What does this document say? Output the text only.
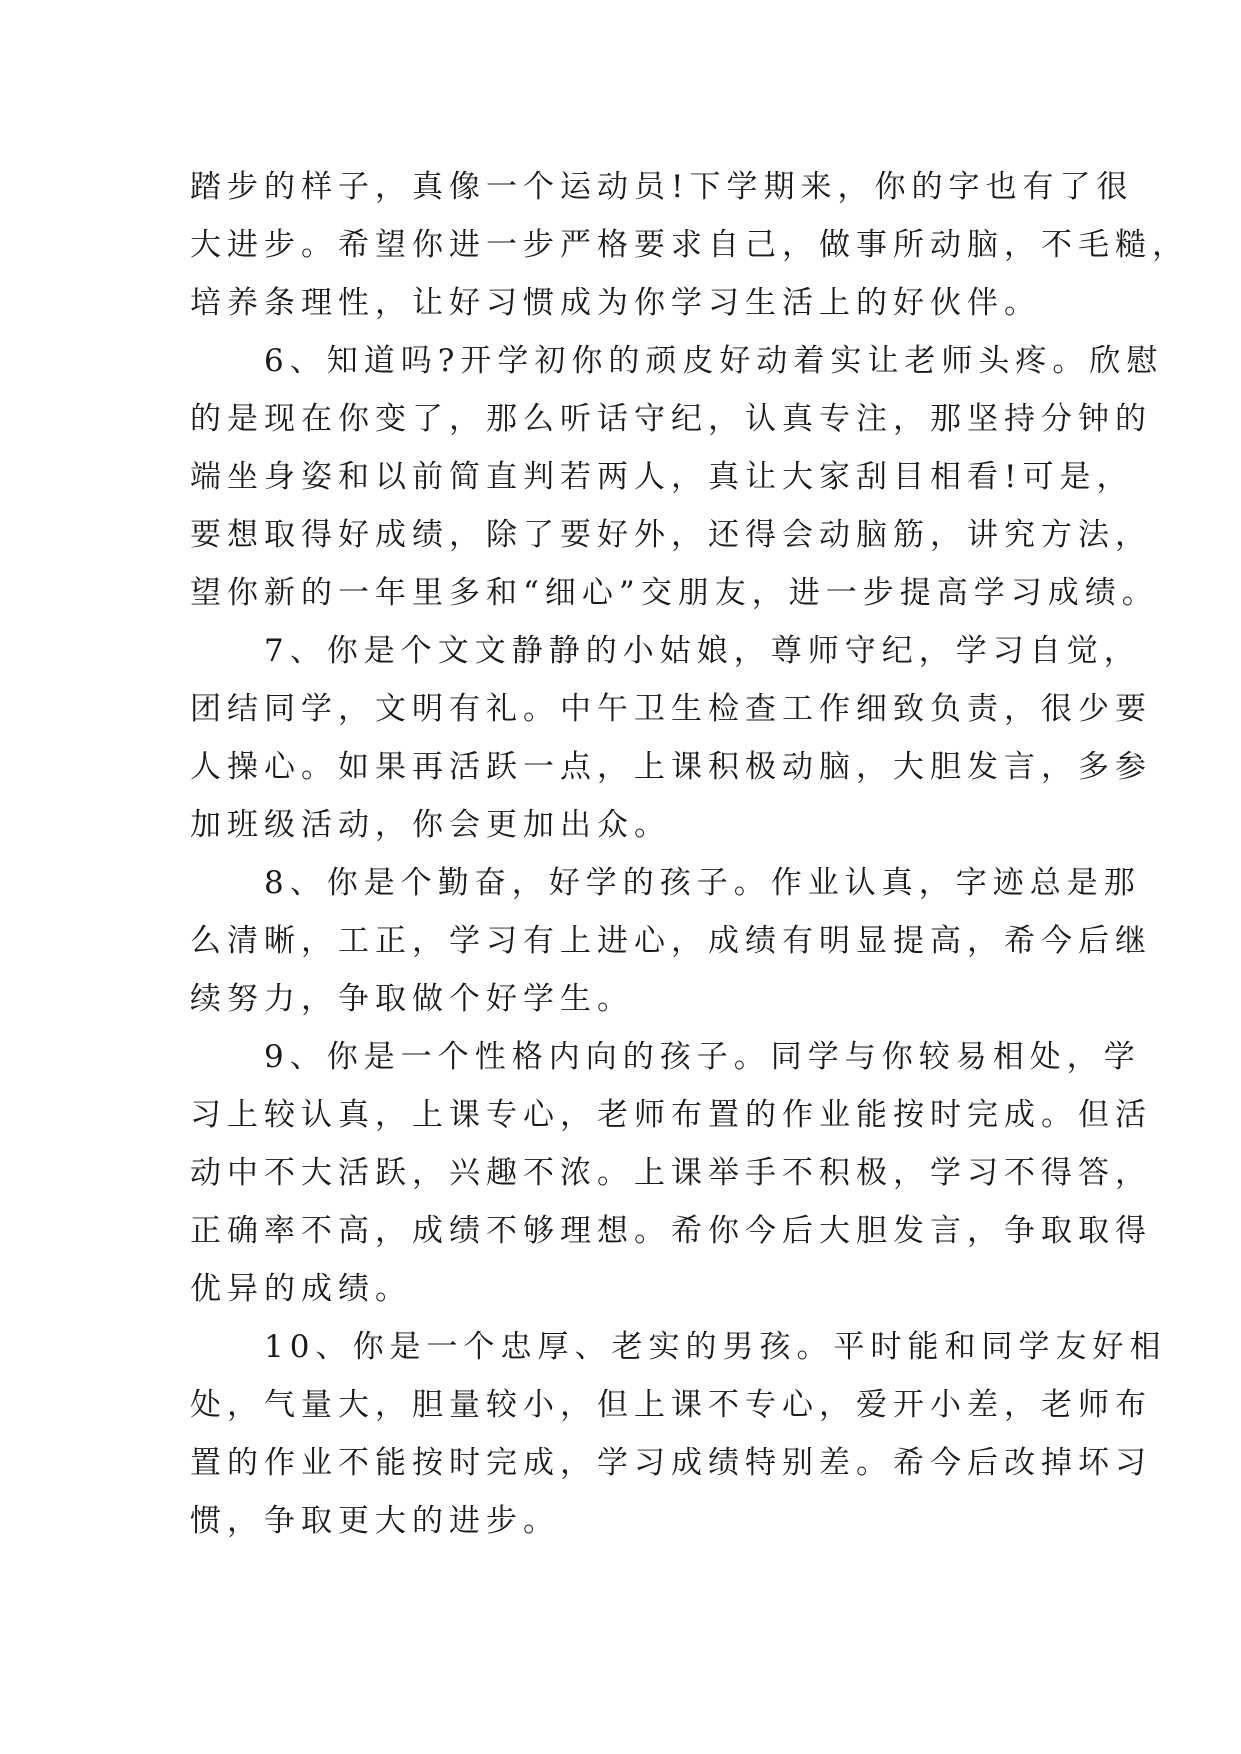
踏步的样子，真像一个运动员!下学期来，你的字也有了很
大进步。希望你进一步严格要求自己，做事所动脑，不毛糙，
培养条理性，让好习惯成为你学习生活上的好伙伴。
　　6、知道吗?开学初你的顽皮好动着实让老师头疼。欣慰
的是现在你变了，那么听话守纪，认真专注，那坚持分钟的
端坐身姿和以前简直判若两人，真让大家刮目相看!可是，
要想取得好成绩，除了要好外，还得会动脑筋，讲究方法，
望你新的一年里多和“细心”交朋友，进一步提高学习成绩。
　　7、你是个文文静静的小姑娘，尊师守纪，学习自觉，
团结同学，文明有礼。中午卫生检查工作细致负责，很少要
人操心。如果再活跃一点，上课积极动脑，大胆发言，多参
加班级活动，你会更加出众。
　　8、你是个勤奋，好学的孩子。作业认真，字迹总是那
么清晰，工正，学习有上进心，成绩有明显提高，希今后继
续努力，争取做个好学生。
　　9、你是一个性格内向的孩子。同学与你较易相处，学
习上较认真，上课专心，老师布置的作业能按时完成。但活
动中不大活跃，兴趣不浓。上课举手不积极，学习不得答，
正确率不高，成绩不够理想。希你今后大胆发言，争取取得
优异的成绩。
　　10、你是一个忠厚、老实的男孩。平时能和同学友好相
处，气量大，胆量较小，但上课不专心，爱开小差，老师布
置的作业不能按时完成，学习成绩特别差。希今后改掉坏习
惯，争取更大的进步。
